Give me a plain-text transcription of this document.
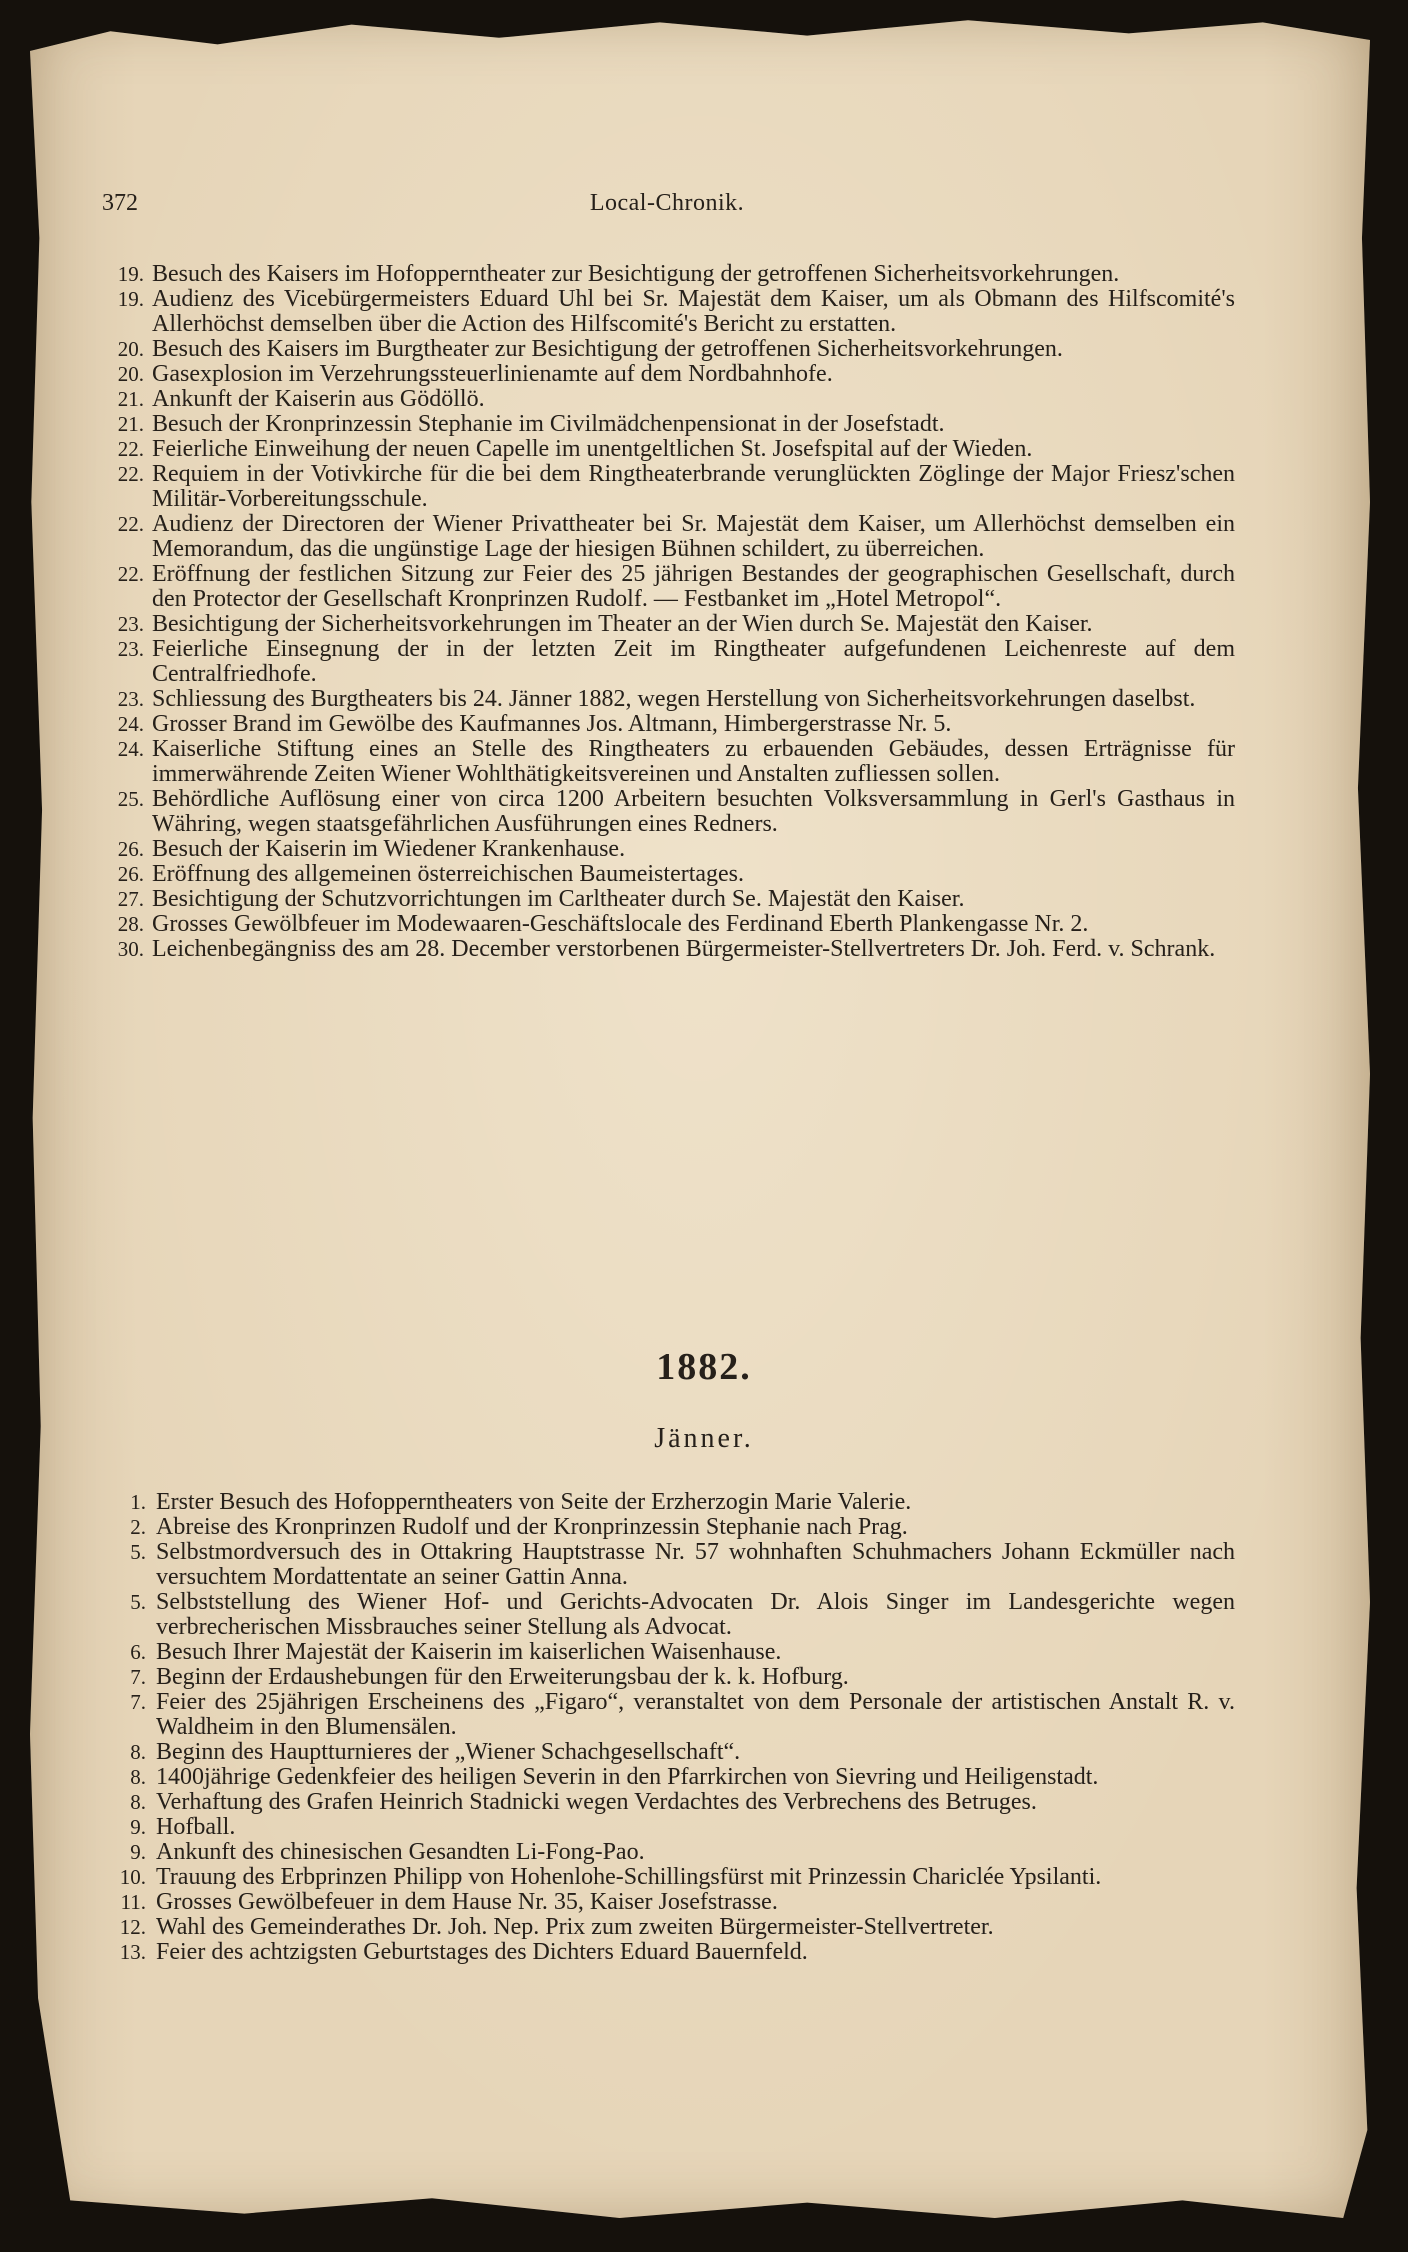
Local-Chronik.
372
19. Besuch des Kaisers im Hofopperntheater zur Besichtigung der getroffenen Sicherheitsvorkehrungen.
19. Audienz des Vicebürgermeisters Eduard Uhl bei Sr. Majestät dem Kaiser, um als Obmann des Hilfscomité's Allerhöchst demselben über die Action des Hilfscomité's Bericht zu erstatten.
20. Besuch des Kaisers im Burgtheater zur Besichtigung der getroffenen Sicherheitsvorkehrungen.
20. Gasexplosion im Verzehrungssteuerlinienamte auf dem Nordbahnhofe.
21. Ankunft der Kaiserin aus Gödöllö.
21. Besuch der Kronprinzessin Stephanie im Civilmädchenpensionat in der Josefstadt.
22. Feierliche Einweihung der neuen Capelle im unentgeltlichen St. Josefspital auf der Wieden.
22. Requiem in der Votivkirche für die bei dem Ringtheaterbrande verunglückten Zöglinge der Major Friesz'schen Militär-Vorbereitungsschule.
22. Audienz der Directoren der Wiener Privattheater bei Sr. Majestät dem Kaiser, um Allerhöchst demselben ein Memorandum, das die ungünstige Lage der hiesigen Bühnen schildert, zu überreichen.
22. Eröffnung der festlichen Sitzung zur Feier des 25 jährigen Bestandes der geographischen Gesellschaft, durch den Protector der Gesellschaft Kronprinzen Rudolf. — Festbanket im „Hotel Metropol“.
23. Besichtigung der Sicherheitsvorkehrungen im Theater an der Wien durch Se. Majestät den Kaiser.
23. Feierliche Einsegnung der in der letzten Zeit im Ringtheater aufgefundenen Leichenreste auf dem Centralfriedhofe.
23. Schliessung des Burgtheaters bis 24. Jänner 1882, wegen Herstellung von Sicherheitsvorkehrungen daselbst.
24. Grosser Brand im Gewölbe des Kaufmannes Jos. Altmann, Himbergerstrasse Nr. 5.
24. Kaiserliche Stiftung eines an Stelle des Ringtheaters zu erbauenden Gebäudes, dessen Erträgnisse für immerwährende Zeiten Wiener Wohlthätigkeitsvereinen und Anstalten zufliessen sollen.
25. Behördliche Auflösung einer von circa 1200 Arbeitern besuchten Volksversammlung in Gerl's Gasthaus in Währing, wegen staatsgefährlichen Ausführungen eines Redners.
26. Besuch der Kaiserin im Wiedener Krankenhause.
26. Eröffnung des allgemeinen österreichischen Baumeistertages.
27. Besichtigung der Schutzvorrichtungen im Carltheater durch Se. Majestät den Kaiser.
28. Grosses Gewölbfeuer im Modewaaren-Geschäftslocale des Ferdinand Eberth Plankengasse Nr. 2.
30. Leichenbegängniss des am 28. December verstorbenen Bürgermeister-Stellvertreters Dr. Joh. Ferd. v. Schrank.
1882.
Jänner.
1. Erster Besuch des Hofopperntheaters von Seite der Erzherzogin Marie Valerie.
2. Abreise des Kronprinzen Rudolf und der Kronprinzessin Stephanie nach Prag.
5. Selbstmordversuch des in Ottakring Hauptstrasse Nr. 57 wohnhaften Schuhmachers Johann Eckmüller nach versuchtem Mordattentate an seiner Gattin Anna.
5. Selbststellung des Wiener Hof- und Gerichts-Advocaten Dr. Alois Singer im Landesgerichte wegen verbrecherischen Missbrauches seiner Stellung als Advocat.
6. Besuch Ihrer Majestät der Kaiserin im kaiserlichen Waisenhause.
7. Beginn der Erdaushebungen für den Erweiterungsbau der k. k. Hofburg.
7. Feier des 25jährigen Erscheinens des „Figaro“, veranstaltet von dem Personale der artistischen Anstalt R. v. Waldheim in den Blumensälen.
8. Beginn des Hauptturnieres der „Wiener Schachgesellschaft“.
8. 1400jährige Gedenkfeier des heiligen Severin in den Pfarrkirchen von Sievring und Heiligenstadt.
8. Verhaftung des Grafen Heinrich Stadnicki wegen Verdachtes des Verbrechens des Betruges.
9. Hofball.
9. Ankunft des chinesischen Gesandten Li-Fong-Pao.
10. Trauung des Erbprinzen Philipp von Hohenlohe-Schillingsfürst mit Prinzessin Chariclée Ypsilanti.
11. Grosses Gewölbefeuer in dem Hause Nr. 35, Kaiser Josefstrasse.
12. Wahl des Gemeinderathes Dr. Joh. Nep. Prix zum zweiten Bürgermeister-Stellvertreter.
13. Feier des achtzigsten Geburtstages des Dichters Eduard Bauernfeld.
